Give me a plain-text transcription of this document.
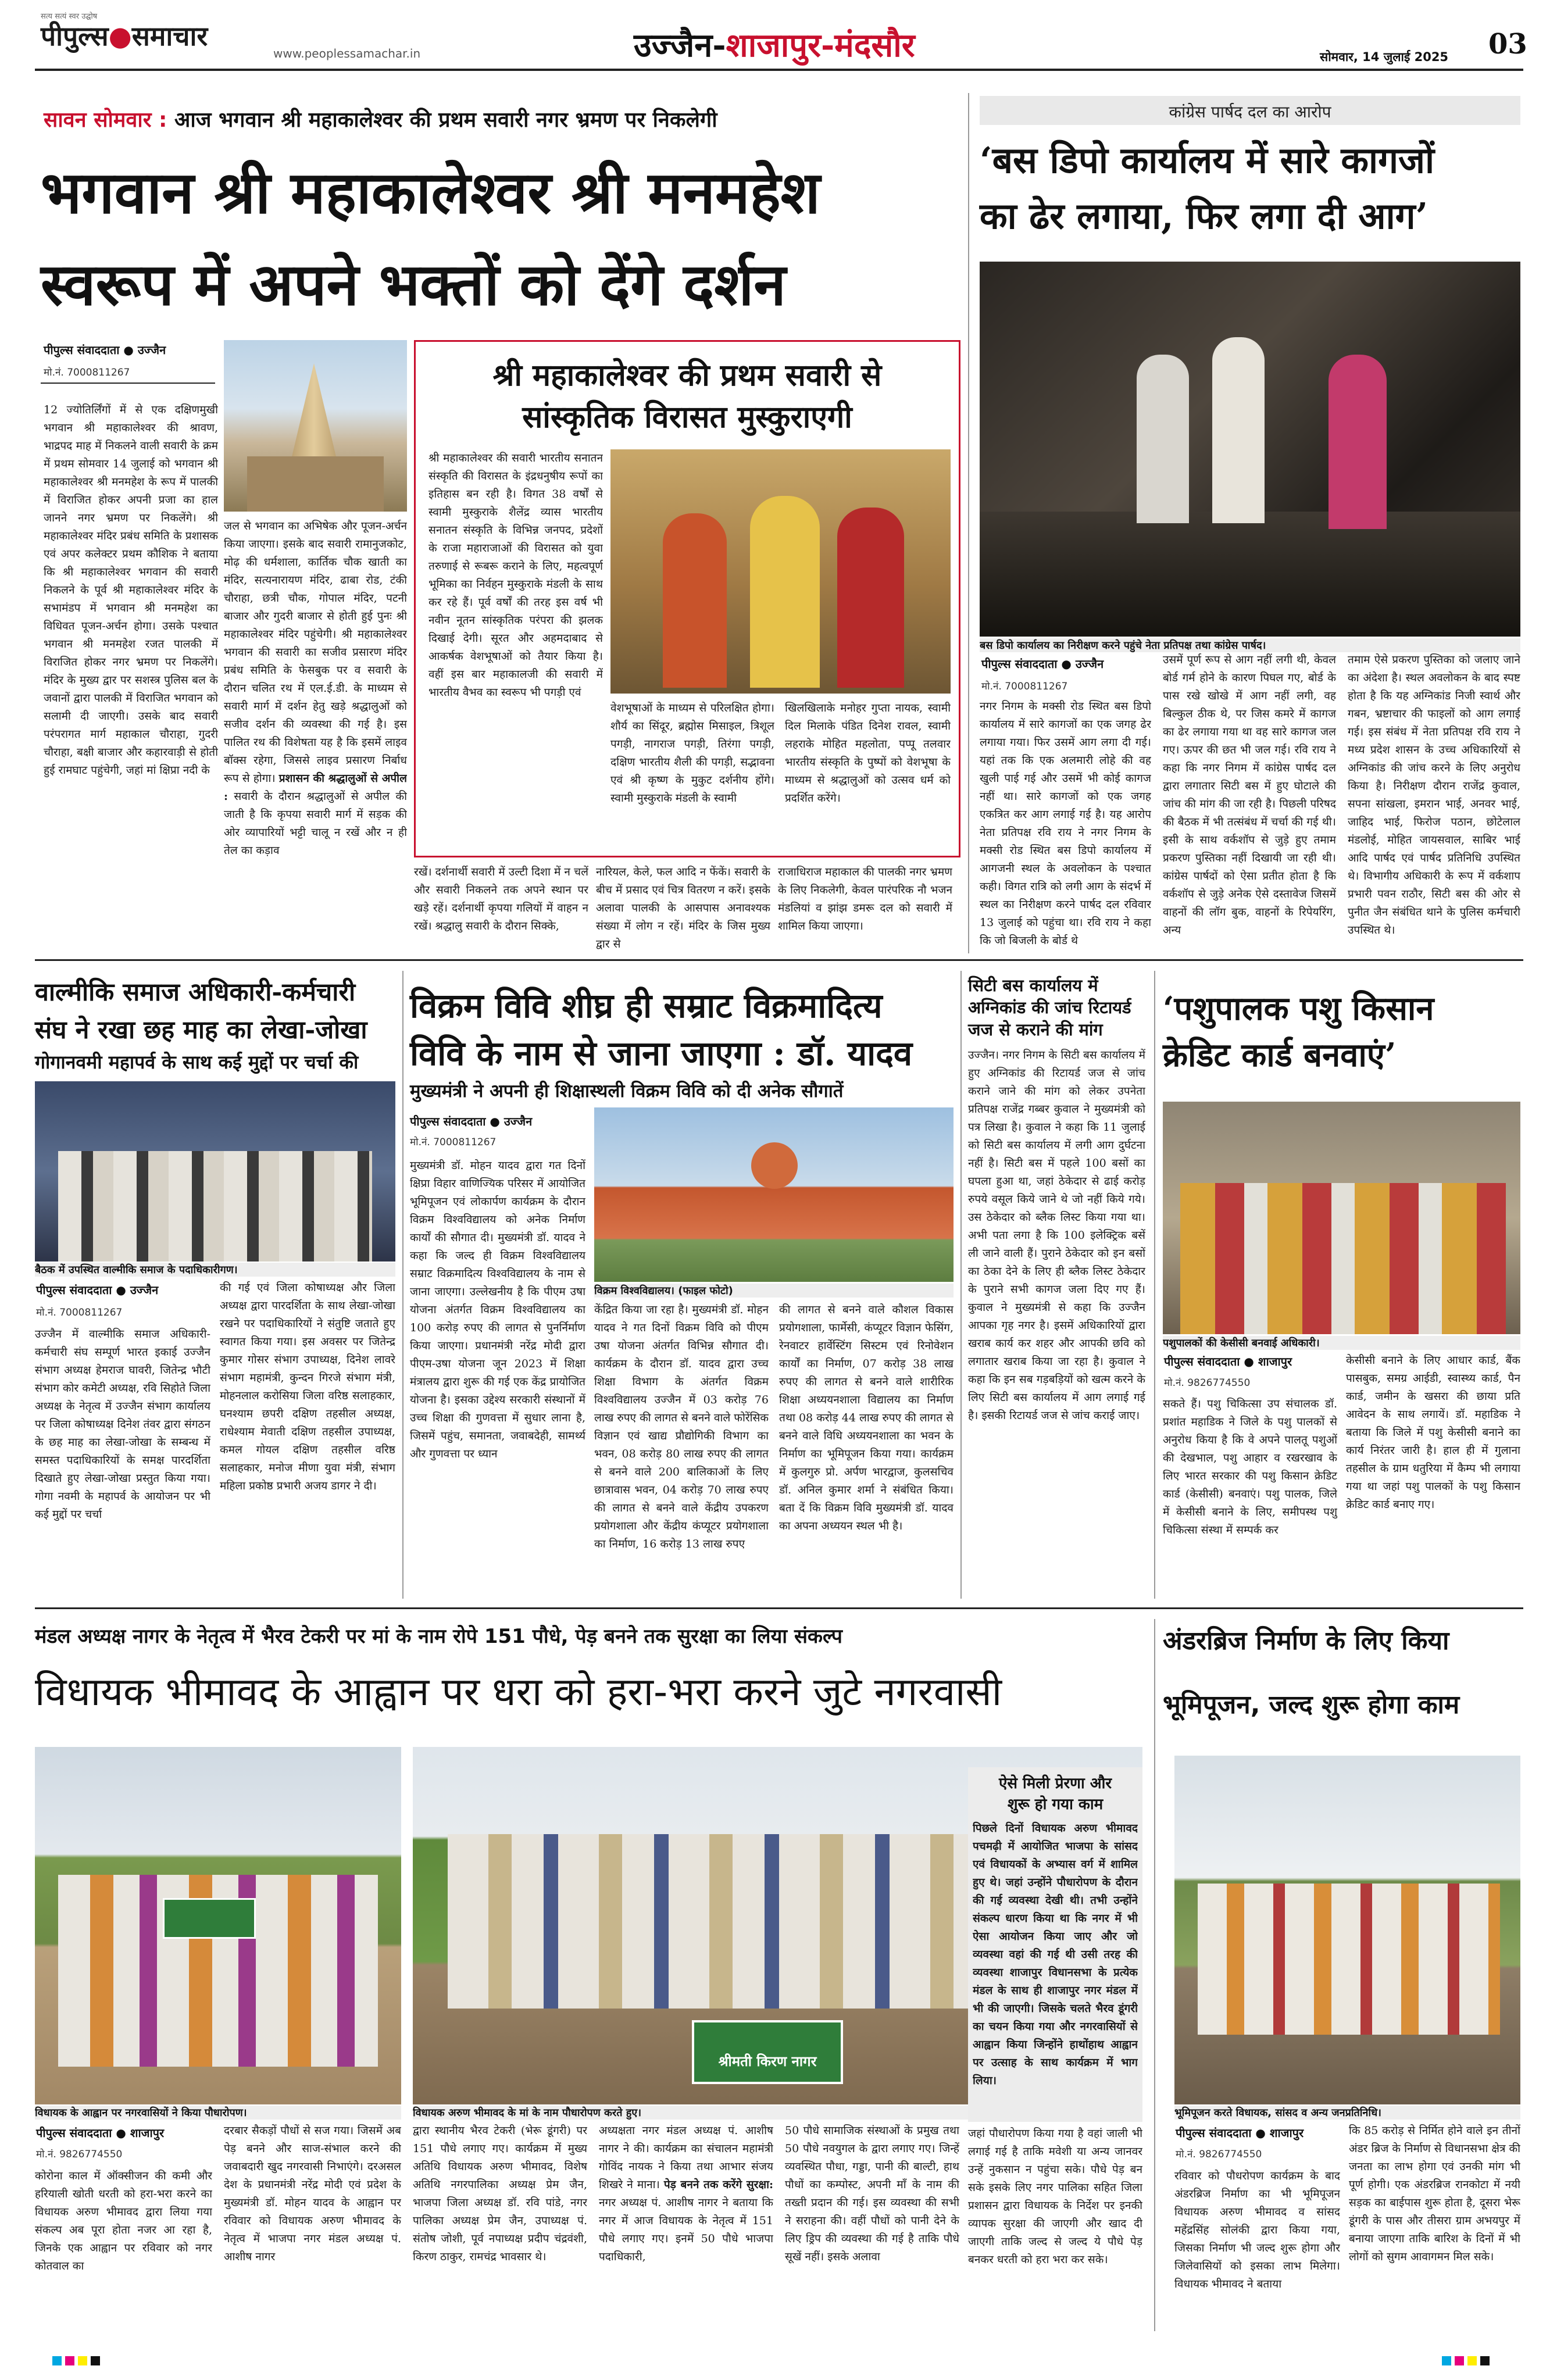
पीपुल्स●समाचार
सत्य सत्यं स्वर उद्घोष
www.peoplessamachar.in	उज्जैन-शाजापुर-मंदसौर	सोमवार, 14 जुलाई 2025 03
सावन सोमवार : आज भगवान श्री महाकालेश्वर की प्रथम सवारी नगर भ्रमण पर निकलेगी
भगवान श्री महाकालेश्वर श्री मनमहेश
स्वरूप में अपने भक्तों को देंगे दर्शन
पीपुल्स संवाददाता ● उज्जैन
मो.नं. 7000811267
12 ज्योतिर्लिंगों में से एक दक्षिणमुखी भगवान श्री महाकालेश्वर की श्रावण, भाद्रपद माह में निकलने वाली सवारी के क्रम में प्रथम सोमवार 14 जुलाई को भगवान श्री महाकालेश्वर श्री मनमहेश के रूप में पालकी में विराजित होकर अपनी प्रजा का हाल जानने नगर भ्रमण पर निकलेंगे। श्री महाकालेश्वर मंदिर प्रबंध समिति के प्रशासक एवं अपर कलेक्टर प्रथम कौशिक ने बताया कि श्री महाकालेश्वर भगवान की सवारी निकलने के पूर्व श्री महाकालेश्वर मंदिर के सभामंडप में भगवान श्री मनमहेश का विधिवत पूजन-अर्चन होगा। उसके पश्चात भगवान श्री मनमहेश रजत पालकी में विराजित होकर नगर भ्रमण पर निकलेंगे। मंदिर के मुख्य द्वार पर सशस्त्र पुलिस बल के जवानों द्वारा पालकी में विराजित भगवान को सलामी दी जाएगी। उसके बाद सवारी परंपरागत मार्ग महाकाल चौराहा, गुदरी चौराहा, बक्षी बाजार और कहारवाड़ी से होती हुई रामघाट पहुंचेगी, जहां मां क्षिप्रा नदी के
जल से भगवान का अभिषेक और पूजन-अर्चन किया जाएगा। इसके बाद सवारी रामानुजकोट, मोढ़ की धर्मशाला, कार्तिक चौक खाती का मंदिर, सत्यनारायण मंदिर, ढाबा रोड, टंकी चौराहा, छत्री चौक, गोपाल मंदिर, पटनी बाजार और गुदरी बाजार से होती हुई पुनः श्री महाकालेश्वर मंदिर पहुंचेगी। श्री महाकालेश्वर भगवान की सवारी का सजीव प्रसारण मंदिर प्रबंध समिति के फेसबुक पर व सवारी के दौरान चलित रथ में एल.ई.डी. के माध्यम से सवारी मार्ग में दर्शन हेतु खड़े श्रद्धालुओं को सजीव दर्शन की व्यवस्था की गई है। इस पालित रथ की विशेषता यह है कि इसमें लाइव बॉक्स रहेगा, जिससे लाइव प्रसारण निर्बाध रूप से होगा। प्रशासन की श्रद्धालुओं से अपील : सवारी के दौरान श्रद्धालुओं से अपील की जाती है कि कृपया सवारी मार्ग में सड़क की ओर व्यापारियों भट्टी चालू न रखें और न ही तेल का कड़ाव
श्री महाकालेश्वर की प्रथम सवारी से
सांस्कृतिक विरासत मुस्कुराएगी
श्री महाकालेश्वर की सवारी भारतीय सनातन संस्कृति की विरासत के इंद्रधनुषीय रूपों का इतिहास बन रही है। विगत 38 वर्षों से स्वामी मुस्कुराके शैलेंद्र व्यास भारतीय सनातन संस्कृति के विभिन्न जनपद, प्रदेशों के राजा महाराजाओं की विरासत को युवा तरुणाई से रूबरू कराने के लिए, महत्वपूर्ण भूमिका का निर्वहन मुस्कुराके मंडली के साथ कर रहे हैं। पूर्व वर्षों की तरह इस वर्ष भी नवीन नूतन सांस्कृतिक परंपरा की झलक दिखाई देगी। सूरत और अहमदाबाद से आकर्षक वेशभूषाओं को तैयार किया है। वहीं इस बार महाकालजी की सवारी में भारतीय वैभव का स्वरूप भी पगड़ी एवं
वेशभूषाओं के माध्यम से परिलक्षित होगा। शौर्य का सिंदूर, ब्रह्मोस मिसाइल, त्रिशूल पगड़ी, नागराज पगड़ी, तिरंगा पगड़ी, दक्षिण भारतीय शैली की पगड़ी, सद्भावना एवं श्री कृष्ण के मुकुट दर्शनीय होंगे। स्वामी मुस्कुराके मंडली के स्वामी
खिलखिलाके मनोहर गुप्ता नायक, स्वामी दिल मिलाके पंडित दिनेश रावल, स्वामी लहराके मोहित महलोता, पप्पू तलवार भारतीय संस्कृति के पुष्पों को वेशभूषा के माध्यम से श्रद्धालुओं को उत्सव धर्म को प्रदर्शित करेंगे।
रखें। दर्शनार्थी सवारी में उल्टी दिशा में न चलें और सवारी निकलने तक अपने स्थान पर खड़े रहें। दर्शनार्थी कृपया गलियों में वाहन न रखें। श्रद्धालु सवारी के दौरान सिक्के,
नारियल, केले, फल आदि न फेंकें। सवारी के बीच में प्रसाद एवं चित्र वितरण न करें। इसके अलावा पालकी के आसपास अनावश्यक संख्या में लोग न रहें। मंदिर के जिस मुख्य द्वार से
राजाधिराज महाकाल की पालकी नगर भ्रमण के लिए निकलेगी, केवल पारंपरिक नौ भजन मंडलियां व झांझ डमरू दल को सवारी में शामिल किया जाएगा।
कांग्रेस पार्षद दल का आरोप
‘बस डिपो कार्यालय में सारे कागजों
का ढेर लगाया, फिर लगा दी आग’
बस डिपो कार्यालय का निरीक्षण करने पहुंचे नेता प्रतिपक्ष तथा कांग्रेस पार्षद।
पीपुल्स संवाददाता ● उज्जैन
मो.नं. 7000811267
नगर निगम के मक्सी रोड स्थित बस डिपो कार्यालय में सारे कागजों का एक जगह ढेर लगाया गया। फिर उसमें आग लगा दी गई। यहां तक कि एक अलमारी लोहे की वह खुली पाई गई और उसमें भी कोई कागज नहीं था। सारे कागजों को एक जगह एकत्रित कर आग लगाई गई है। यह आरोप नेता प्रतिपक्ष रवि राय ने नगर निगम के मक्सी रोड स्थित बस डिपो कार्यालय में आगजनी स्थल के अवलोकन के पश्चात कही। विगत रात्रि को लगी आग के संदर्भ में स्थल का निरीक्षण करने पार्षद दल रविवार 13 जुलाई को पहुंचा था। रवि राय ने कहा कि जो बिजली के बोर्ड थे
उसमें पूर्ण रूप से आग नहीं लगी थी, केवल बोर्ड गर्म होने के कारण पिघल गए, बोर्ड के पास रखे खोखे में आग नहीं लगी, वह बिल्कुल ठीक थे, पर जिस कमरे में कागज का ढेर लगाया गया था वह सारे कागज जल गए। ऊपर की छत भी जल गई। रवि राय ने कहा कि नगर निगम में कांग्रेस पार्षद दल द्वारा लगातार सिटी बस में हुए घोटाले की जांच की मांग की जा रही है। पिछली परिषद की बैठक में भी तत्संबंध में चर्चा की गई थी। इसी के साथ वर्कशॉप से जुड़े हुए तमाम प्रकरण पुस्तिका नहीं दिखायी जा रही थी। कांग्रेस पार्षदों को ऐसा प्रतीत होता है कि वर्कशॉप से जुड़े अनेक ऐसे दस्तावेज जिसमें वाहनों की लॉग बुक, वाहनों के रिपेयरिंग, अन्य
तमाम ऐसे प्रकरण पुस्तिका को जलाए जाने का अंदेशा है। स्थल अवलोकन के बाद स्पष्ट होता है कि यह अग्निकांड निजी स्वार्थ और गबन, भ्रष्टाचार की फाइलों को आग लगाई गई। इस संबंध में नेता प्रतिपक्ष रवि राय ने मध्य प्रदेश शासन के उच्च अधिकारियों से अग्निकांड की जांच करने के लिए अनुरोध किया है। निरीक्षण दौरान राजेंद्र कुवाल, सपना सांखला, इमरान भाई, अनवर भाई, जाहिद भाई, फिरोज पठान, छोटेलाल मंडलोई, मोहित जायसवाल, साबिर भाई आदि पार्षद एवं पार्षद प्रतिनिधि उपस्थित थे। विभागीय अधिकारी के रूप में वर्कशाप प्रभारी पवन राठौर, सिटी बस की ओर से पुनीत जैन संबंधित थाने के पुलिस कर्मचारी उपस्थित थे।
वाल्मीकि समाज अधिकारी-कर्मचारी
संघ ने रखा छह माह का लेखा-जोखा
गोगानवमी महापर्व के साथ कई मुद्दों पर चर्चा की
बैठक में उपस्थित वाल्मीकि समाज के पदाधिकारीगण।
पीपुल्स संवाददाता ● उज्जैन
मो.नं. 7000811267
उज्जैन में वाल्मीकि समाज अधिकारी-कर्मचारी संघ सम्पूर्ण भारत इकाई उज्जैन संभाग अध्यक्ष हेमराज घावरी, जितेन्द्र भौटी संभाग कोर कमेटी अध्यक्ष, रवि सिहोते जिला अध्यक्ष के नेतृत्व में उज्जैन संभाग कार्यालय पर जिला कोषाध्यक्ष दिनेश तंवर द्वारा संगठन के छह माह का लेखा-जोखा के सम्बन्ध में समस्त पदाधिकारियों के समक्ष पारदर्शिता दिखाते हुए लेखा-जोखा प्रस्तुत किया गया। गोगा नवमी के महापर्व के आयोजन पर भी कई मुद्दों पर चर्चा
की गई एवं जिला कोषाध्यक्ष और जिला अध्यक्ष द्वारा पारदर्शिता के साथ लेखा-जोखा रखने पर पदाधिकारियों ने संतुष्टि जताते हुए स्वागत किया गया। इस अवसर पर जितेन्द्र कुमार गोसर संभाग उपाध्यक्ष, दिनेश लावरे संभाग महामंत्री, कुन्दन गिरजे संभाग मंत्री, मोहनलाल करोसिया जिला वरिष्ठ सलाहकार, घनश्याम छपरी दक्षिण तहसील अध्यक्ष, राधेश्याम मेवाती दक्षिण तहसील उपाध्यक्ष, कमल गोयल दक्षिण तहसील वरिष्ठ सलाहकार, मनोज मीणा युवा मंत्री, संभाग महिला प्रकोष्ठ प्रभारी अजय डागर ने दी।
विक्रम विवि शीघ्र ही सम्राट विक्रमादित्य
विवि के नाम से जाना जाएगा : डॉ. यादव
मुख्यमंत्री ने अपनी ही शिक्षास्थली विक्रम विवि को दी अनेक सौगातें
पीपुल्स संवाददाता ● उज्जैन
मो.नं. 7000811267
मुख्यमंत्री डॉ. मोहन यादव द्वारा गत दिनों क्षिप्रा विहार वाणिज्यिक परिसर में आयोजित भूमिपूजन एवं लोकार्पण कार्यक्रम के दौरान विक्रम विश्वविद्यालय को अनेक निर्माण कार्यों की सौगात दी। मुख्यमंत्री डॉ. यादव ने कहा कि जल्द ही विक्रम विश्वविद्यालय सम्राट विक्रमादित्य विश्वविद्यालय के नाम से जाना जाएगा। उल्लेखनीय है कि पीएम उषा योजना अंतर्गत विक्रम विश्वविद्यालय का 100 करोड़ रुपए की लागत से पुनर्निर्माण किया जाएगा। प्रधानमंत्री नरेंद्र मोदी द्वारा पीएम-उषा योजना जून 2023 में शिक्षा मंत्रालय द्वारा शुरू की गई एक केंद्र प्रायोजित योजना है। इसका उद्देश्य सरकारी संस्थानों में उच्च शिक्षा की गुणवत्ता में सुधार लाना है, जिसमें पहुंच, समानता, जवाबदेही, सामर्थ्य और गुणवत्ता पर ध्यान
विक्रम विश्वविद्यालय। (फाइल फोटो)
केंद्रित किया जा रहा है। मुख्यमंत्री डॉ. मोहन यादव ने गत दिनों विक्रम विवि को पीएम उषा योजना अंतर्गत विभिन्न सौगात दी। कार्यक्रम के दौरान डॉ. यादव द्वारा उच्च शिक्षा विभाग के अंतर्गत विक्रम विश्वविद्यालय उज्जैन में 03 करोड़ 76 लाख रुपए की लागत से बनने वाले फोरेंसिक विज्ञान एवं खाद्य प्रौद्योगिकी विभाग का भवन, 08 करोड़ 80 लाख रुपए की लागत से बनने वाले 200 बालिकाओं के लिए छात्रावास भवन, 04 करोड़ 70 लाख रुपए की लागत से बनने वाले केंद्रीय उपकरण प्रयोगशाला और केंद्रीय कंप्यूटर प्रयोगशाला का निर्माण, 16 करोड़ 13 लाख रुपए
की लागत से बनने वाले कौशल विकास प्रयोगशाला, फार्मेसी, कंप्यूटर विज्ञान फेसिंग, रेनवाटर हार्वेस्टिंग सिस्टम एवं रिनोवेशन कार्यों का निर्माण, 07 करोड़ 38 लाख रुपए की लागत से बनने वाले शारीरिक शिक्षा अध्ययनशाला विद्यालय का निर्माण तथा 08 करोड़ 44 लाख रुपए की लागत से बनने वाले विधि अध्ययनशाला का भवन के निर्माण का भूमिपूजन किया गया। कार्यक्रम में कुलगुरु प्रो. अर्पण भारद्वाज, कुलसचिव डॉ. अनिल कुमार शर्मा ने संबंधित किया। बता दें कि विक्रम विवि मुख्यमंत्री डॉ. यादव का अपना अध्ययन स्थल भी है।
सिटी बस कार्यालय में
अग्निकांड की जांच रिटायर्ड
जज से कराने की मांग
उज्जैन। नगर निगम के सिटी बस कार्यालय में हुए अग्निकांड की रिटायर्ड जज से जांच कराने जाने की मांग को लेकर उपनेता प्रतिपक्ष राजेंद्र गब्बर कुवाल ने मुख्यमंत्री को पत्र लिखा है। कुवाल ने कहा कि 11 जुलाई को सिटी बस कार्यालय में लगी आग दुर्घटना नहीं है। सिटी बस में पहले 100 बसों का घपला हुआ था, जहां ठेकेदार से ढाई करोड़ रुपये वसूल किये जाने थे जो नहीं किये गये। उस ठेकेदार को ब्लैक लिस्ट किया गया था। अभी पता लगा है कि 100 इलेक्ट्रिक बसें ली जाने वाली हैं। पुराने ठेकेदार को इन बसों का ठेका देने के लिए ही ब्लैक लिस्ट ठेकेदार के पुराने सभी कागज जला दिए गए हैं। कुवाल ने मुख्यमंत्री से कहा कि उज्जैन आपका गृह नगर है। इसमें अधिकारियों द्वारा खराब कार्य कर शहर और आपकी छवि को लगातार खराब किया जा रहा है। कुवाल ने कहा कि इन सब गड़बड़ियों को खत्म करने के लिए सिटी बस कार्यालय में आग लगाई गई है। इसकी रिटायर्ड जज से जांच कराई जाए।
‘पशुपालक पशु किसान
क्रेडिट कार्ड बनवाएं’
पशुपालकों की केसीसी बनवाई अधिकारी।
पीपुल्स संवाददाता ● शाजापुर
मो.नं. 9826774550
सकते हैं। पशु चिकित्सा उप संचालक डॉ. प्रशांत महाडिक ने जिले के पशु पालकों से अनुरोध किया है कि वे अपने पालतू पशुओं की देखभाल, पशु आहार व रखरखाव के लिए भारत सरकार की पशु किसान क्रेडिट कार्ड (केसीसी) बनवाएं। पशु पालक, जिले में केसीसी बनाने के लिए, समीपस्थ पशु चिकित्सा संस्था में सम्पर्क कर
केसीसी बनाने के लिए आधार कार्ड, बैंक पासबुक, समग्र आईडी, स्वास्थ्य कार्ड, पैन कार्ड, जमीन के खसरा की छाया प्रति आवेदन के साथ लगायें। डॉ. महाडिक ने बताया कि जिले में पशु केसीसी बनाने का कार्य निरंतर जारी है। हाल ही में गुलाना तहसील के ग्राम धतुरिया में कैम्प भी लगाया गया था जहां पशु पालकों के पशु किसान क्रेडिट कार्ड बनाए गए।
मंडल अध्यक्ष नागर के नेतृत्व में भैरव टेकरी पर मां के नाम रोपे 151 पौधे, पेड़ बनने तक सुरक्षा का लिया संकल्प
विधायक भीमावद के आह्वान पर धरा को हरा-भरा करने जुटे नगरवासी
विधायक के आह्वान पर नगरवासियों ने किया पौधारोपण।
पीपुल्स संवाददाता ● शाजापुर
मो.नं. 9826774550
कोरोना काल में ऑक्सीजन की कमी और हरियाली खोती धरती को हरा-भरा करने का विधायक अरुण भीमावद द्वारा लिया गया संकल्प अब पूरा होता नजर आ रहा है, जिनके एक आह्वान पर रविवार को नगर कोतवाल का
दरबार सैकड़ों पौधों से सज गया। जिसमें अब पेड़ बनने और साज-संभाल करने की जवाबदारी खुद नगरवासी निभाएंगे। दरअसल देश के प्रधानमंत्री नरेंद्र मोदी एवं प्रदेश के मुख्यमंत्री डॉ. मोहन यादव के आह्वान पर रविवार को विधायक अरुण भीमावद के नेतृत्व में भाजपा नगर मंडल अध्यक्ष पं. आशीष नागर
श्रीमती किरण नागर
विधायक अरुण भीमावद के मां के नाम पौधारोपण करते हुए।
द्वारा स्थानीय भैरव टेकरी (भेरू डूंगरी) पर 151 पौधे लगाए गए। कार्यक्रम में मुख्य अतिथि विधायक अरुण भीमावद, विशेष अतिथि नगरपालिका अध्यक्ष प्रेम जैन, भाजपा जिला अध्यक्ष डॉ. रवि पांडे, नगर पालिका अध्यक्ष प्रेम जैन, उपाध्यक्ष पं. संतोष जोशी, पूर्व नपाध्यक्ष प्रदीप चंद्रवंशी, किरण ठाकुर, रामचंद्र भावसार थे।
अध्यक्षता नगर मंडल अध्यक्ष पं. आशीष नागर ने की। कार्यक्रम का संचालन महामंत्री गोविंद नायक ने किया तथा आभार संजय शिखरे ने माना। पेड़ बनने तक करेंगे सुरक्षा: नगर अध्यक्ष पं. आशीष नागर ने बताया कि नगर में आज विधायक के नेतृत्व में 151 पौधे लगाए गए। इनमें 50 पौधे भाजपा पदाधिकारी,
50 पौधे सामाजिक संस्थाओं के प्रमुख तथा 50 पौधे नवयुगल के द्वारा लगाए गए। जिन्हें व्यवस्थित पौधा, गड्डा, पानी की बाल्टी, हाथ पौधों का कम्पोस्ट, अपनी माँ के नाम की तख्ती प्रदान की गई। इस व्यवस्था की सभी ने सराहना की। वहीं पौधों को पानी देने के लिए ड्रिप की व्यवस्था की गई है ताकि पौधे सूखें नहीं। इसके अलावा
ऐसे मिली प्रेरणा और
शुरू हो गया काम
पिछले दिनों विधायक अरुण भीमावद पचमढ़ी में आयोजित भाजपा के सांसद एवं विधायकों के अभ्यास वर्ग में शामिल हुए थे। जहां उन्होंने पौधारोपण के दौरान की गई व्यवस्था देखी थी। तभी उन्होंने संकल्प धारण किया था कि नगर में भी ऐसा आयोजन किया जाए और जो व्यवस्था वहां की गई थी उसी तरह की व्यवस्था शाजापुर विधानसभा के प्रत्येक मंडल के साथ ही शाजापुर नगर मंडल में भी की जाएगी। जिसके चलते भैरव डूंगरी का चयन किया गया और नगरवासियों से आह्वान किया जिन्होंने हाथोंहाथ आह्वान पर उत्साह के साथ कार्यक्रम में भाग लिया।
जहां पौधारोपण किया गया है वहां जाली भी लगाई गई है ताकि मवेशी या अन्य जानवर उन्हें नुकसान न पहुंचा सके। पौधे पेड़ बन सके इसके लिए नगर पालिका सहित जिला प्रशासन द्वारा विधायक के निर्देश पर इनकी व्यापक सुरक्षा की जाएगी और खाद दी जाएगी ताकि जल्द से जल्द ये पौधे पेड़ बनकर धरती को हरा भरा कर सके।
अंडरब्रिज निर्माण के लिए किया
भूमिपूजन, जल्द शुरू होगा काम
भूमिपूजन करते विधायक, सांसद व अन्य जनप्रतिनिधि।
पीपुल्स संवाददाता ● शाजापुर
मो.नं. 9826774550
रविवार को पौधरोपण कार्यक्रम के बाद अंडरब्रिज निर्माण का भी भूमिपूजन विधायक अरुण भीमावद व सांसद महेंद्रसिंह सोलंकी द्वारा किया गया, जिसका निर्माण भी जल्द शुरू होगा और जिलेवासियों को इसका लाभ मिलेगा। विधायक भीमावद ने बताया
कि 85 करोड़ से निर्मित होने वाले इन तीनों अंडर ब्रिज के निर्माण से विधानसभा क्षेत्र की जनता का लाभ होगा एवं उनकी मांग भी पूर्ण होगी। एक अंडरब्रिज रानकोटा में नयी सड़क का बाईपास शुरू होता है, दूसरा भेरू डूंगरी के पास और तीसरा ग्राम अभयपुर में बनाया जाएगा ताकि बारिश के दिनों में भी लोगों को सुगम आवागमन मिल सके।
